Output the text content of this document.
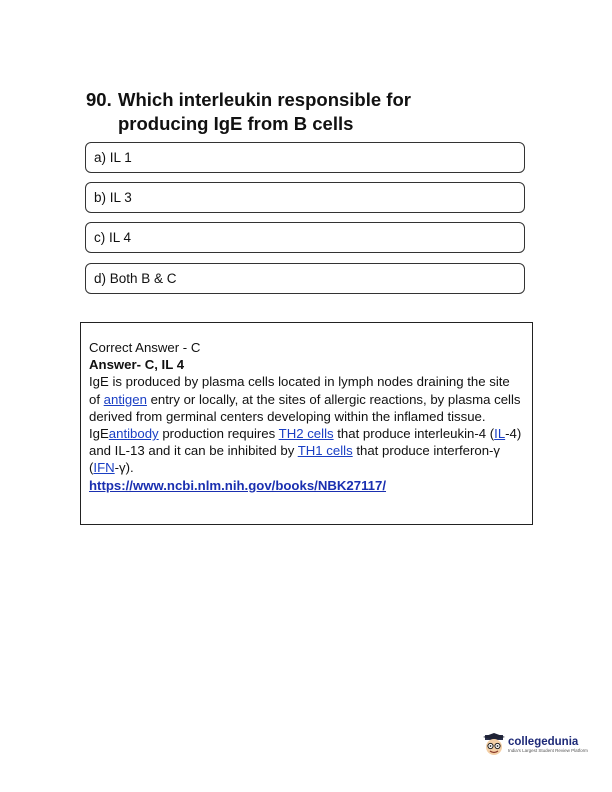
90. Which interleukin responsible for producing IgE from B cells
a) IL 1
b) IL 3
c) IL 4
d) Both B & C

Correct Answer - C

Answer- C, IL 4

IgE is produced by plasma cells located in lymph nodes draining the site of antigen entry or locally, at the sites of allergic reactions, by plasma cells derived from germinal centers developing within the inflamed tissue.

IgEantibody production requires TH2 cells that produce interleukin-4 (IL-4) and IL-13 and it can be inhibited by TH1 cells that produce interferon-γ (IFN-γ).

https://www.ncbi.nlm.nih.gov/books/NBK27117/

collegedunia
India's Largest Student Review Platform
